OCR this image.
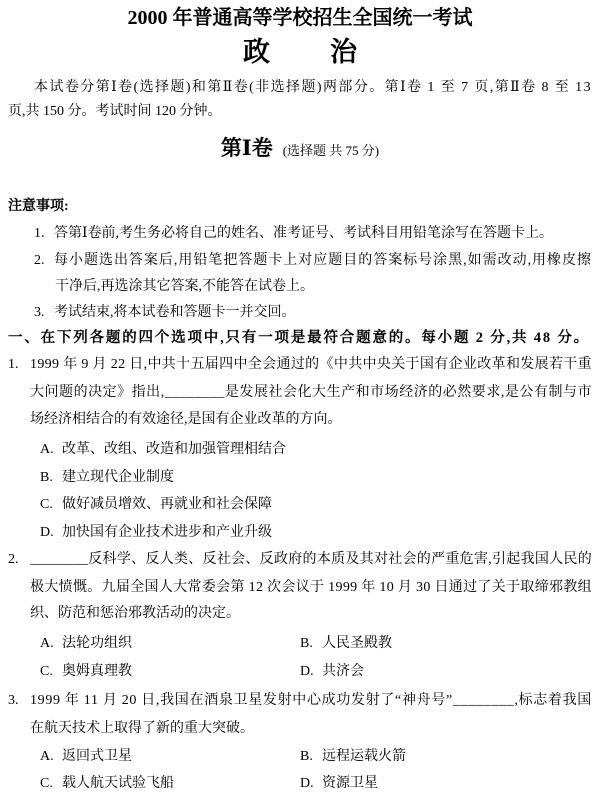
2000 年普通高等学校招生全国统一考试
政治
本试卷分第Ⅰ卷(选择题)和第Ⅱ卷(非选择题)两部分。第Ⅰ卷 1 至 7 页,第Ⅱ卷 8 至 13
页,共 150 分。考试时间 120 分钟。
第Ⅰ卷 (选择题 共 75 分)
注意事项:
1. 答第Ⅰ卷前,考生务必将自己的姓名、准考证号、考试科目用铅笔涂写在答题卡上。
2. 每小题选出答案后,用铅笔把答题卡上对应题目的答案标号涂黑,如需改动,用橡皮擦
干净后,再选涂其它答案,不能答在试卷上。
3. 考试结束,将本试卷和答题卡一并交回。
一、在下列各题的四个选项中,只有一项是最符合题意的。每小题 2 分,共 48 分。
1. 1999 年 9 月 22 日,中共十五届四中全会通过的《中共中央关于国有企业改革和发展若干重
大问题的决定》指出,________是发展社会化大生产和市场经济的必然要求,是公有制与市
场经济相结合的有效途径,是国有企业改革的方向。
A. 改革、改组、改造和加强管理相结合
B. 建立现代企业制度
C. 做好减员增效、再就业和社会保障
D. 加快国有企业技术进步和产业升级
2. ________反科学、反人类、反社会、反政府的本质及其对社会的严重危害,引起我国人民的
极大愤慨。九届全国人大常委会第 12 次会议于 1999 年 10 月 30 日通过了关于取缔邪教组
织、防范和惩治邪教活动的决定。
A. 法轮功组织	B. 人民圣殿教
C. 奥姆真理教	D. 共济会
3. 1999 年 11 月 20 日,我国在酒泉卫星发射中心成功发射了“神舟号”________,标志着我国
在航天技术上取得了新的重大突破。
A. 返回式卫星	B. 远程运载火箭
C. 载人航天试验飞船	D. 资源卫星
